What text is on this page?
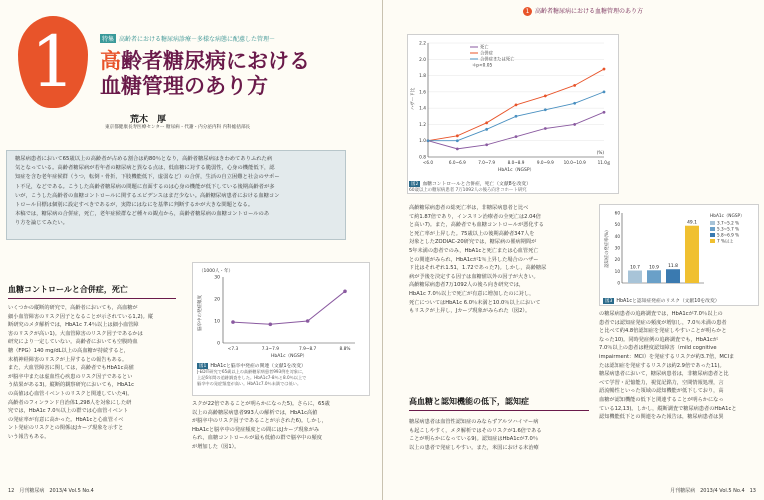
1	特集 高齢者における糖尿病診療－多様な病態に配慮した管理－
高齢者糖尿病における
血糖管理のあり方
荒木　厚
東京都健康長寿医療センター 糖尿病・代謝・内分泌内科 内科総括部長
糖尿病患者において65歳以上の高齢者が占める割合は約80％となり，高齢者糖尿病はきわめてありふれた病
気となっている。高齢者糖尿病が若年者の糖尿病と異なる点は，低血糖に対する脆弱性，心身の機能低下，認
知症を含む老年症候群（うつ，転倒・骨折，下肢機能低下，虚弱など）の合併，生活の自立困難と社会のサポー
ト不足，などである。こうした高齢者糖尿病の問題に直面するのは心身の機能が低下している後期高齢者が多
いが，こうした高齢者の血糖コントロールに関するエビデンスはまだ少ない。高齢糖尿病患者における血糖コン
トロール目標は個別に設定すべきであるが，実際にはなにを基準に判断するかが大きな問題となる。
本稿では，糖尿病の合併症，死亡，老年症候群など種々の観点から，高齢者糖尿病の血糖コントロールのあ
り方を論じてみたい。
血糖コントロールと合併症，死亡
いくつかの縦断的研究で，高齢者においても，高血糖が
細小血管障害のリスク因子となることが示されている1,2)。縦
断研究のメタ解析では，HbA1c 7.4％以上は細小血管障
害のリスクが高い1)。大血管障害のリスク因子であるかは
研究により一定していない。高齢者においても空腹時血
糖（FPG）140 mg/dL以上の高血糖が持続すると，
末梢神経障害のリスクが上昇するとの報告もある。
また，大血管障害に関しては，高齢者でもHbA1c高値
が脳卒中または虚血性心疾患のリスク因子であるとい
う結果がある3)。縦断的観察研究においても，HbA1c
の高値は心血管イベントのリスクと関連していた4)。
高齢者のフィンランド自治体1,298人を対象にした研
究では，HbA1c 7.0％以上の群では心血管イベント
の発症率が有意に高かった。HbA1cと心血管イベ
ント発症のリスクとの関係はJカーブ現象を示すと
いう報告もある。
（1000人・年）
脳卒中の発症頻度
0
10
20
30
<7.3	7.3~7.9	7.9~8.7	8.8%
HbA1c（NGSP）
図1 HbA1cと脳卒中発症の関連（文献1を改変）
J-EDIT研究で65歳以上の高齢糖尿病患者993例を対象に，
上記6年間の追跡調査をした。HbA1c7-8％と8.0％以上で
脳卒中の発症頻度が高い。HbA1c7.0％未満では低い。
スクが22倍であることが明らかになった5)。さらに，65歳
以上の高齢糖尿病患者993人の解析では，HbA1c高値
が脳卒中のリスク因子であることが示された6)。しかし，
HbA1cと脳卒中の発症頻度との間にはJカーブ現象がみ
られ，血糖コントロールが最も低値の群で脳卒中の頻度
が増加した（図1）。
12　月刊糖尿病　2013/4 Vol.5 No.4
1 高齢者糖尿病における血糖管理のあり方
ハザード比
0.8
1.0
1.2
1.4
1.6
1.8
2.0
2.2
<6.0	6.0~6.9	7.0~7.9	8.0~8.9	9.0~9.9 10.0~10.9	11.0≦
(%)
HbA1c（NGSP）
死亡
合併症
合併症または死亡
＊p<0.05
図2 血糖コントロールと合併症，死亡（文献8を改変）
60歳以上の糖尿病患者 7万1092人の後ろ向きコホート研究
高齢糖尿病患者の総死亡率は，非糖尿病患者と比べ
て約1.87倍であり，インスリン治療者の全死亡は2.04倍
と高い7)。また，高齢者でも血糖コントロールが悪化する
と死亡率が上昇した。75歳以上の後期高齢者347人を
対象としたZODIAC-20研究では，糖尿病の罹病期間が
5年未満の患者でのみ，HbA1cと死亡または心血管死亡
との関連がみられ，HbA1cが1％上昇した場合のハザー
ド比はそれぞれ1.51，1.72であった7)。しかし，高齢糖尿
病が予後を決定する因子は血糖値以外の因子が大きい。
高齢糖尿病患者7万1092人の後ろ向き研究では，
HbA1c 7.0％以上で死亡が有意に増加したのに対し，
死亡についてはHbA1c 6.0％未満と10.0％以上において
もリスクが上昇し，Jカーブ現象がみられた（図2）。
高血糖と認知機能の低下，認知症
糖尿病患者は血管性認知症のみならずアルツハイマー病
も起こしやすく，メタ解析ではそのリスクが1.6倍である
ことが明らかになっている9)。認知症はHbA1cが7.0％
以上の患者で発症しやすい。また，米国における未治療
認知症の発症率(%)
0
10
20
30
40
50
60
10.7 10.9 11.8
49.1
HbA1c（NGSP）
3.7~5.2 %
5.3~5.7 %
5.8~6.9 %
7 %以上
図3 HbA1cと認知症発症のリスク（文献10を改変）
の糖尿病患者の追跡調査では，HbA1cが7.0％以上の
患者では認知症発症の頻度が増加し，7.0％未満の患者
と比べて約4.8倍認知症を発症しやすいことが明らかと
なった10)。同時発症例の追跡調査でも，HbA1cが
7.0％以上の患者は軽度認知障害（mild cognitive
impairment：MCI）を発症するリスクが約3.7倍，MCIま
たは認知症を発症するリスクは約2.9倍であった11)。
糖尿病患者において，糖尿病患者は，非糖尿病患者と比
べて学習・記憶能力，視覚記銘力，空間情報処理，言
語流暢性といった領域の認知機能が低下しており，高
血糖が認知機能の低下と関連することが明らかになっ
ている12,13)。しかし，縦断調査で糖尿病患者のHbA1cと
認知機能低下との関連をみた報告は，糖尿病患者は異
月刊糖尿病　2013/4 Vol.5 No.4　13
